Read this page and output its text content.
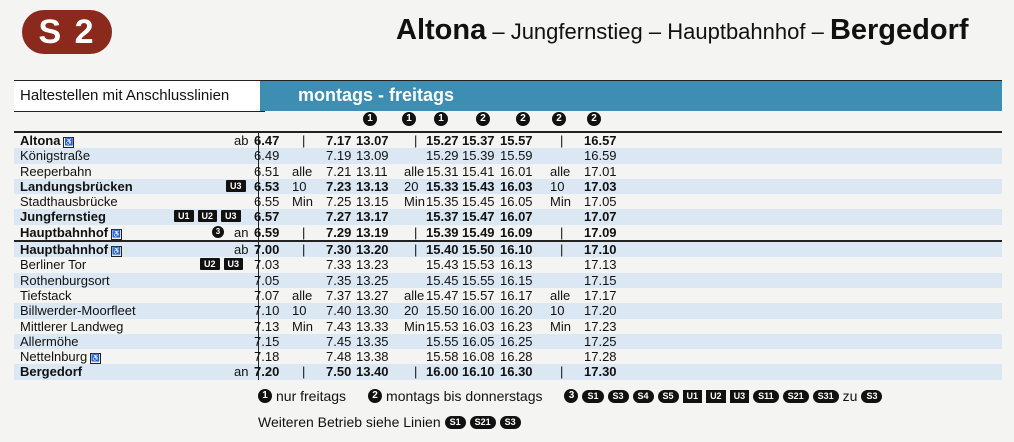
S 2	Altona – Jungfernstieg – Hauptbahnhof – Bergedorf
Haltestellen mit Anschlusslinien	montags - freitags
1	1	1	2	2	2	2
Altona ♿	ab 6.47 | 7.17 13.07 | 15.27 15.37 15.57 | 16.57
Königstraße	6.49	7.19 13.09	15.29 15.39 15.59	16.59
Reeperbahn	6.51 alle 7.21 13.11 alle 15.31 15.41 16.01 alle 17.01
Landungsbrücken	U3 6.53 10 7.23 13.13 20 15.33 15.43 16.03 10 17.03
Stadthausbrücke	6.55 Min 7.25 13.15 Min 15.35 15.45 16.05 Min 17.05
Jungfernstieg	U1	U2	U3	6.57	7.27 13.17	15.37 15.47 16.07	17.07
Hauptbahnhof ♿	3 an 6.59 | 7.29 13.19 | 15.39 15.49 16.09 | 17.09
Hauptbahnhof ♿	ab 7.00 | 7.30 13.20 | 15.40 15.50 16.10 | 17.10
Berliner Tor	U2	U3	7.03	7.33 13.23	15.43 15.53 16.13	17.13
Rothenburgsort	7.05	7.35 13.25	15.45 15.55 16.15	17.15
Tiefstack	7.07 alle 7.37 13.27 alle 15.47 15.57 16.17 alle 17.17
Billwerder-Moorfleet	7.10 10 7.40 13.30 20 15.50 16.00 16.20 10 17.20
Mittlerer Landweg	7.13 Min 7.43 13.33 Min 15.53 16.03 16.23 Min 17.23
Allermöhe	7.15	7.45 13.35	15.55 16.05 16.25	17.25
Nettelnburg ♿	7.18	7.48 13.38	15.58 16.08 16.28	17.28
Bergedorf	an 7.20 | 7.50 13.40 | 16.00 16.10 16.30 | 17.30
1 nur freitags
 	2 montags bis donnerstags
 	3	S1	S3	S4	S5	U1	U2	U3	S11	S21	S31 zu	S3
Weiteren Betrieb siehe Linien	S1	S21	S3
